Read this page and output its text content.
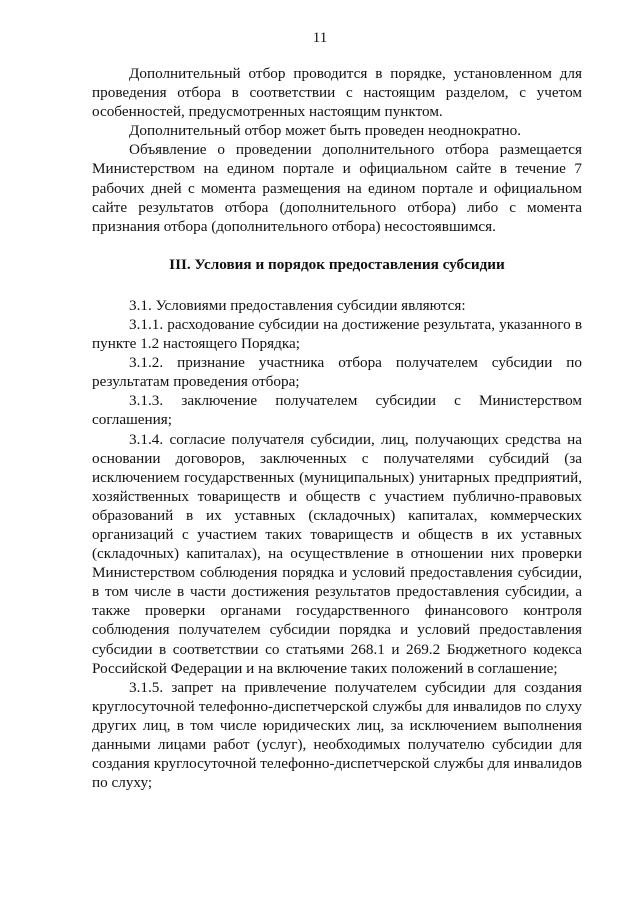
11

Дополнительный отбор проводится в порядке, установленном для проведения отбора в соответствии с настоящим разделом, с учетом особенностей, предусмотренных настоящим пунктом.

Дополнительный отбор может быть проведен неоднократно.

Объявление о проведении дополнительного отбора размещается Министерством на едином портале и официальном сайте в течение 7 рабочих дней с момента размещения на едином портале и официальном сайте результатов отбора (дополнительного отбора) либо с момента признания отбора (дополнительного отбора) несостоявшимся.

III. Условия и порядок предоставления субсидии

3.1. Условиями предоставления субсидии являются:

3.1.1. расходование субсидии на достижение результата, указанного в пункте 1.2 настоящего Порядка;

3.1.2. признание участника отбора получателем субсидии по результатам проведения отбора;

3.1.3. заключение получателем субсидии с Министерством соглашения;

3.1.4. согласие получателя субсидии, лиц, получающих средства на основании договоров, заключенных с получателями субсидий (за исключением государственных (муниципальных) унитарных предприятий, хозяйственных товариществ и обществ с участием публично-правовых образований в их уставных (складочных) капиталах, коммерческих организаций с участием таких товариществ и обществ в их уставных (складочных) капиталах), на осуществление в отношении них проверки Министерством соблюдения порядка и условий предоставления субсидии, в том числе в части достижения результатов предоставления субсидии, а также проверки органами государственного финансового контроля соблюдения получателем субсидии порядка и условий предоставления субсидии в соответствии со статьями 268.1 и 269.2 Бюджетного кодекса Российской Федерации и на включение таких положений в соглашение;

3.1.5. запрет на привлечение получателем субсидии для создания круглосуточной телефонно-диспетчерской службы для инвалидов по слуху других лиц, в том числе юридических лиц, за исключением выполнения данными лицами работ (услуг), необходимых получателю субсидии для создания круглосуточной телефонно-диспетчерской службы для инвалидов по слуху;
